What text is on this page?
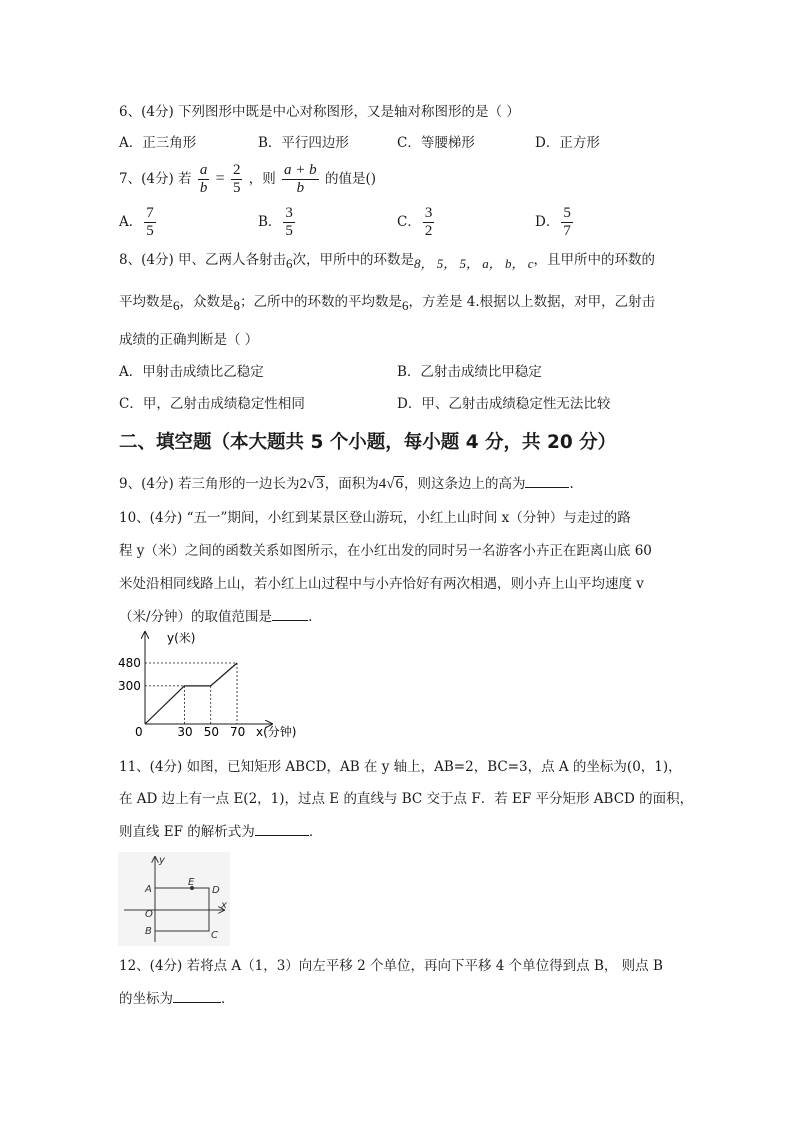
6、(4分) 下列图形中既是中心对称图形，又是轴对称图形的是（ ）
A．正三角形	B．平行四边形	C．等腰梯形	D．正方形
7、(4分) 若 $\frac{a}{b} = \frac{2}{5}$ ，则 $\frac{a + b}{b}$ 的值是()
A． $\frac{7}{5}$	B． $\frac{3}{5}$	C． $\frac{3}{2}$	D． $\frac{5}{7}$
8、(4分) 甲、乙两人各射击6次，甲所中的环数是8， 5， 5， a， b， c，且甲所中的环数的
平均数是6，众数是8；乙所中的环数的平均数是6，方差是 4.根据以上数据，对甲，乙射击
成绩的正确判断是（ ）
A．甲射击成绩比乙稳定	B．乙射击成绩比甲稳定
C．甲，乙射击成绩稳定性相同	D．甲、乙射击成绩稳定性无法比较
二、填空题（本大题共 5 个小题，每小题 4 分，共 20 分）
9、(4分) 若三角形的一边长为2√3，面积为4√6，则这条边上的高为	.
10、(4分) “五一”期间，小红到某景区登山游玩，小红上山时间 x（分钟）与走过的路
程 y（米）之间的函数关系如图所示，在小红出发的同时另一名游客小卉正在距离山底 60
米处沿相同线路上山，若小红上山过程中与小卉恰好有两次相遇，则小卉上山平均速度 v
（米/分钟）的取值范围是	.
y(米)
x(分钟)
0	30 50 70
480
300
11、(4分) 如图，已知矩形 ABCD，AB 在 y 轴上，AB=2，BC=3，点 A 的坐标为(0，1)，
在 AD 边上有一点 E(2，1)，过点 E 的直线与 BC 交于点 F．若 EF 平分矩形 ABCD 的面积，
则直线 EF 的解析式为	．
y
x
A
E
D
O
B	C
12、(4分) 若将点 A（1，3）向左平移 2 个单位，再向下平移 4 个单位得到点 B， 则点 B
的坐标为	．
